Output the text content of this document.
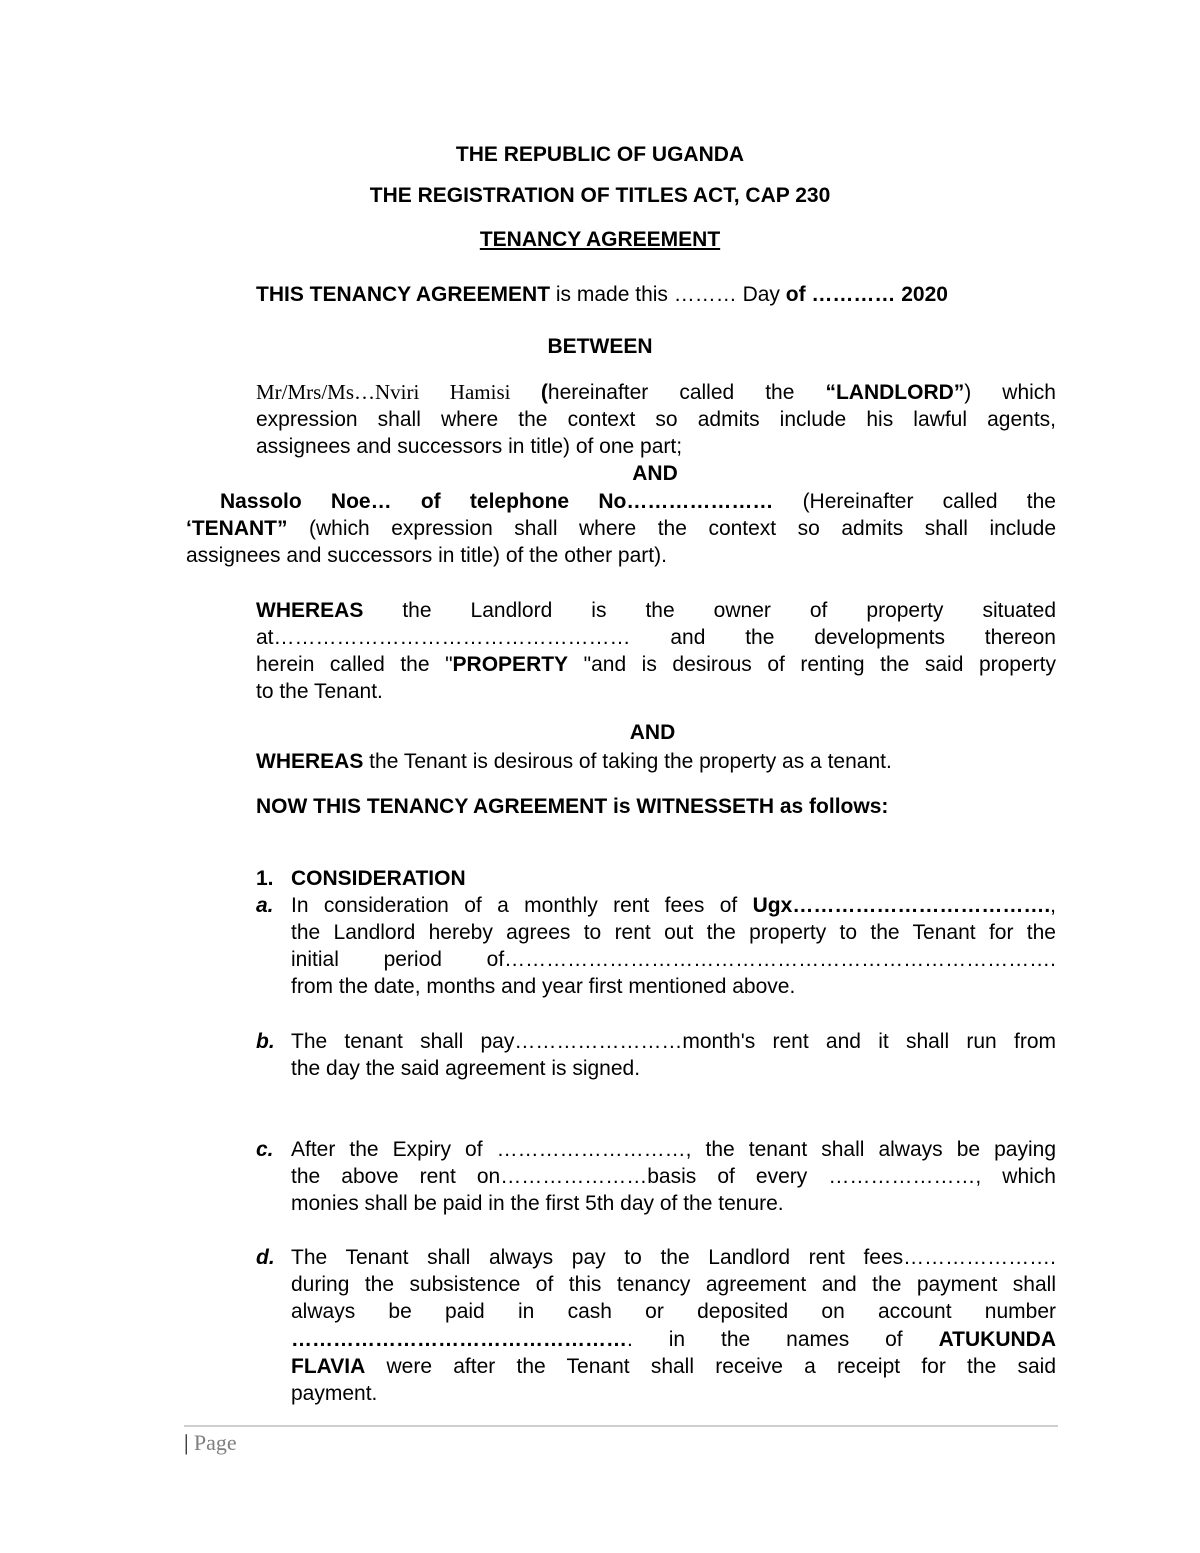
THE REPUBLIC OF UGANDA
THE REGISTRATION OF TITLES ACT, CAP 230
TENANCY AGREEMENT
THIS TENANCY AGREEMENT is made this ……… Day of ………… 2020
BETWEEN
Mr/Mrs/Ms…Nviri Hamisi (hereinafter called the “LANDLORD”) which
expression shall where the context so admits include his lawful agents,
assignees and successors in title) of one part;
AND
Nassolo Noe… of telephone No………………… (Hereinafter called the
‘TENANT” (which expression shall where the context so admits shall include
assignees and successors in title) of the other part).
WHEREAS the Landlord is the owner of property situated
at…………………………………………… and the developments thereon
herein called the "PROPERTY "and is desirous of renting the said property
to the Tenant.
AND
WHEREAS the Tenant is desirous of taking the property as a tenant.
NOW THIS TENANCY AGREEMENT is WITNESSETH as follows:
1. CONSIDERATION
a. In consideration of a monthly rent fees of Ugx……………………………….,
the Landlord hereby agrees to rent out the property to the Tenant for the
initial period of…………………………………………………………………….
from the date, months and year first mentioned above.
b. The tenant shall pay……………………month's rent and it shall run from
the day the said agreement is signed.
c. After the Expiry of ………………………, the tenant shall always be paying
the above rent on…………………basis of every …………………, which
monies shall be paid in the first 5th day of the tenure.
d. The Tenant shall always pay to the Landlord rent fees………………….
during the subsistence of this tenancy agreement and the payment shall
always be paid in cash or deposited on account number
…………………………………………. in the names of ATUKUNDA
FLAVIA were after the Tenant shall receive a receipt for the said
payment.
| Page
